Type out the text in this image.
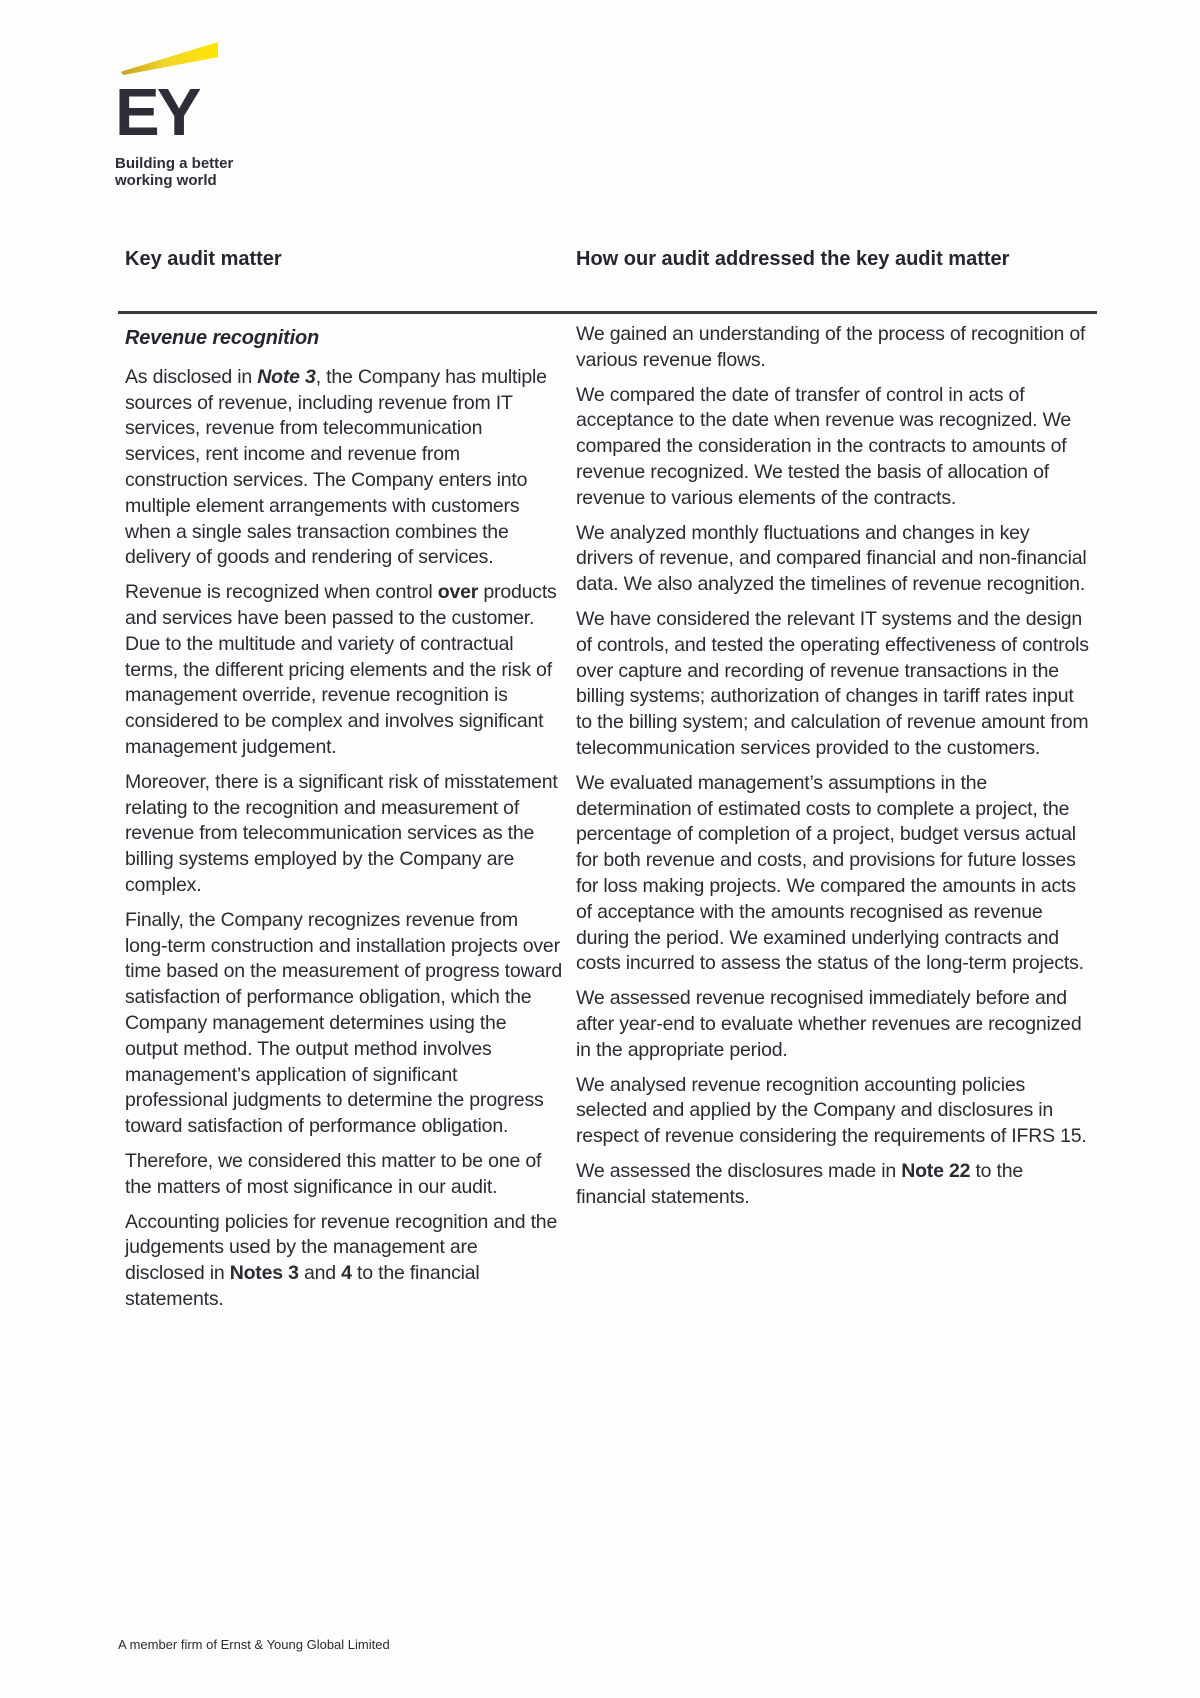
EY
Building a better
working world
Key audit matter	How our audit addressed the key audit matter
Revenue recognition

As disclosed in Note 3, the Company has multiple sources of revenue, including revenue from IT services, revenue from telecommunication services, rent income and revenue from construction services. The Company enters into multiple element arrangements with customers when a single sales transaction combines the delivery of goods and rendering of services.

Revenue is recognized when control over products and services have been passed to the customer. Due to the multitude and variety of contractual terms, the different pricing elements and the risk of management override, revenue recognition is considered to be complex and involves significant management judgement.

Moreover, there is a significant risk of misstatement relating to the recognition and measurement of revenue from telecommunication services as the billing systems employed by the Company are complex.

Finally, the Company recognizes revenue from long-term construction and installation projects over time based on the measurement of progress toward satisfaction of performance obligation, which the Company management determines using the output method. The output method involves management’s application of significant professional judgments to determine the progress toward satisfaction of performance obligation.

Therefore, we considered this matter to be one of the matters of most significance in our audit.

Accounting policies for revenue recognition and the judgements used by the management are disclosed in Notes 3 and 4 to the financial statements.

We gained an understanding of the process of recognition of various revenue flows.

We compared the date of transfer of control in acts of acceptance to the date when revenue was recognized. We compared the consideration in the contracts to amounts of revenue recognized. We tested the basis of allocation of revenue to various elements of the contracts.

We analyzed monthly fluctuations and changes in key drivers of revenue, and compared financial and non-financial data. We also analyzed the timelines of revenue recognition.

We have considered the relevant IT systems and the design of controls, and tested the operating effectiveness of controls over capture and recording of revenue transactions in the billing systems; authorization of changes in tariff rates input to the billing system; and calculation of revenue amount from telecommunication services provided to the customers.

We evaluated management’s assumptions in the determination of estimated costs to complete a project, the percentage of completion of a project, budget versus actual for both revenue and costs, and provisions for future losses for loss making projects. We compared the amounts in acts of acceptance with the amounts recognised as revenue during the period. We examined underlying contracts and costs incurred to assess the status of the long-term projects.

We assessed revenue recognised immediately before and after year-end to evaluate whether revenues are recognized in the appropriate period.

We analysed revenue recognition accounting policies selected and applied by the Company and disclosures in respect of revenue considering the requirements of IFRS 15.

We assessed the disclosures made in Note 22 to the financial statements.

A member firm of Ernst & Young Global Limited
